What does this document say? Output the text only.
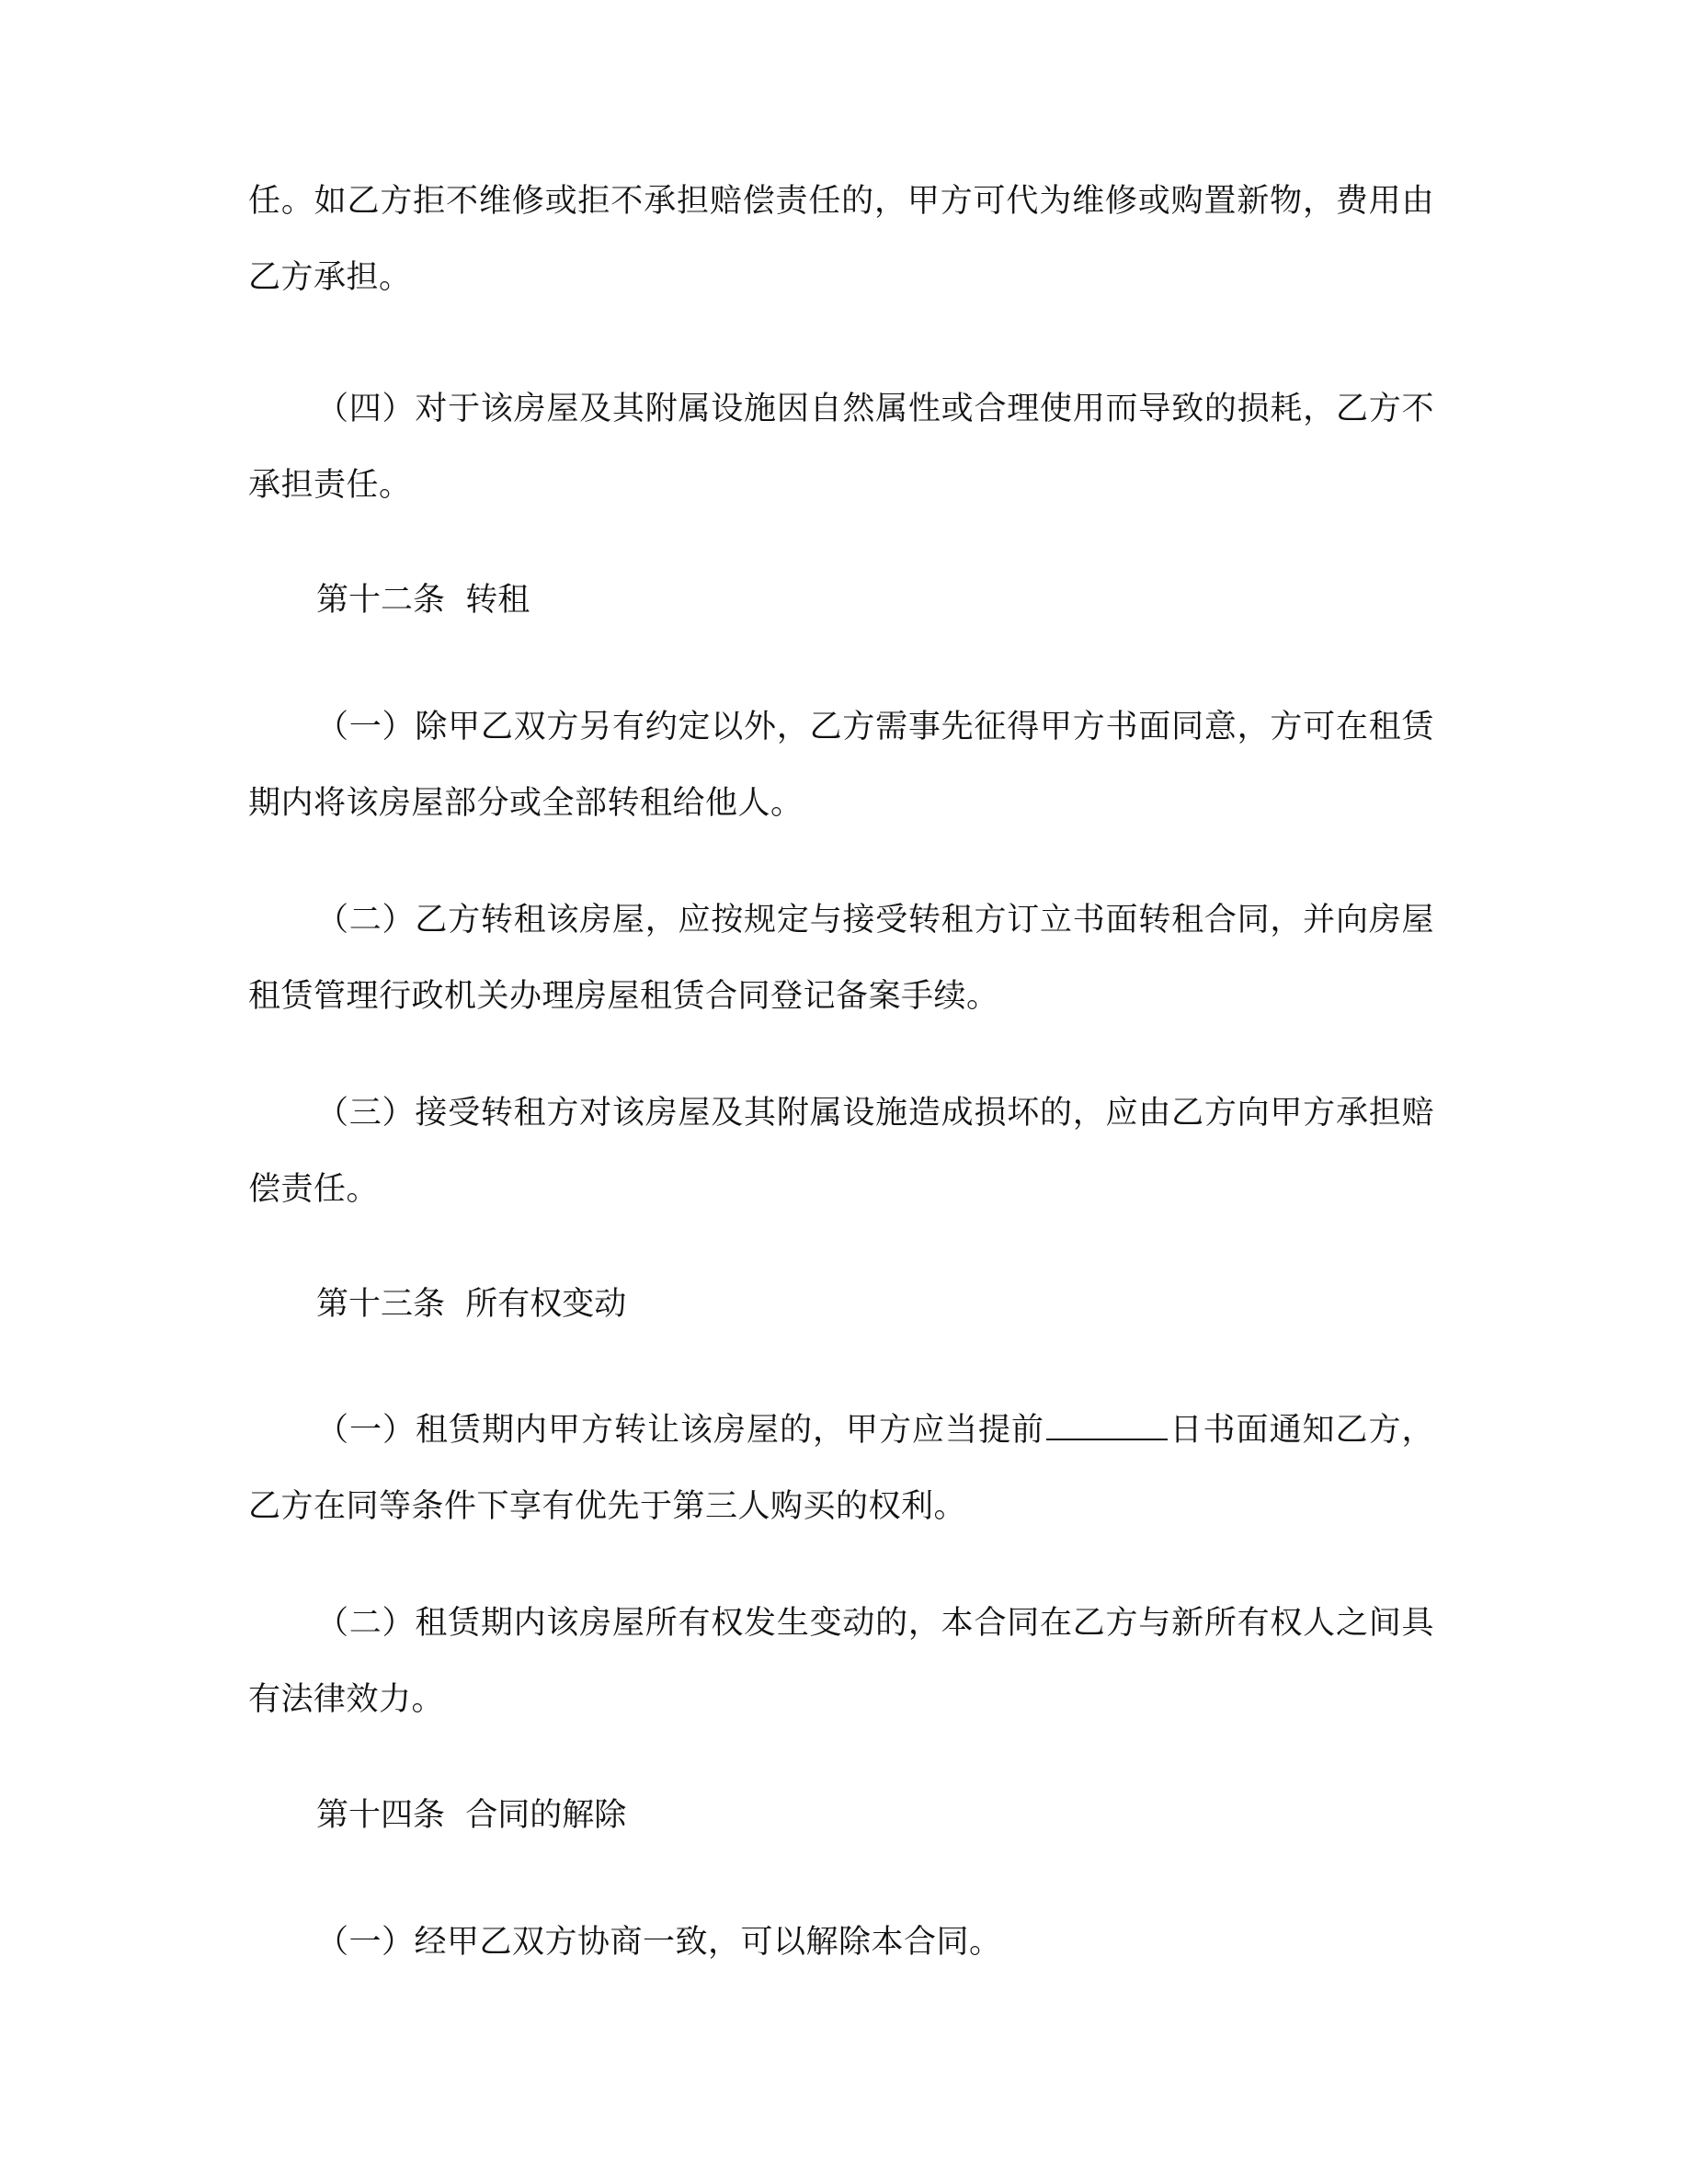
任。如乙方拒不维修或拒不承担赔偿责任的，甲方可代为维修或购置新物，费用由乙方承担。

（四）对于该房屋及其附属设施因自然属性或合理使用而导致的损耗，乙方不承担责任。

第十二条  转租

（一）除甲乙双方另有约定以外，乙方需事先征得甲方书面同意，方可在租赁期内将该房屋部分或全部转租给他人。

（二）乙方转租该房屋，应按规定与接受转租方订立书面转租合同，并向房屋租赁管理行政机关办理房屋租赁合同登记备案手续。

（三）接受转租方对该房屋及其附属设施造成损坏的，应由乙方向甲方承担赔偿责任。

第十三条  所有权变动

（一）租赁期内甲方转让该房屋的，甲方应当提前	日书面通知乙方，乙方在同等条件下享有优先于第三人购买的权利。

（二）租赁期内该房屋所有权发生变动的，本合同在乙方与新所有权人之间具有法律效力。

第十四条  合同的解除

（一）经甲乙双方协商一致，可以解除本合同。
